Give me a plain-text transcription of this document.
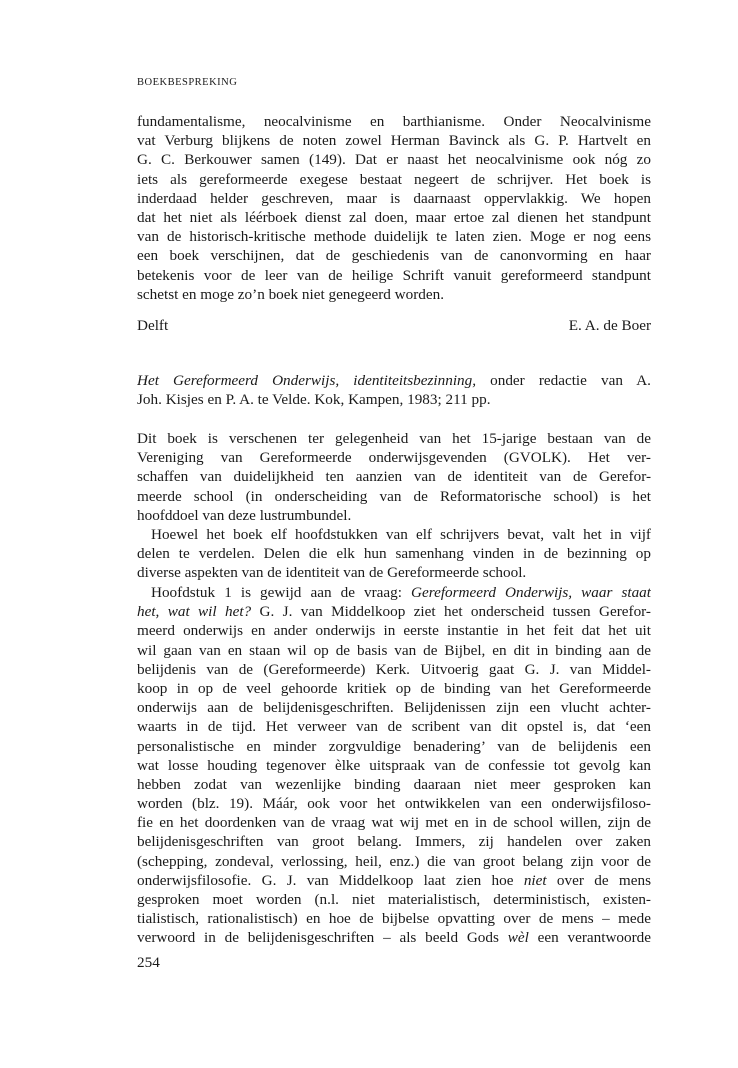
BOEKBESPREKING
fundamentalisme, neocalvinisme en barthianisme. Onder Neocalvinisme
vat Verburg blijkens de noten zowel Herman Bavinck als G. P. Hartvelt en
G. C. Berkouwer samen (149). Dat er naast het neocalvinisme ook nóg zo
iets als gereformeerde exegese bestaat negeert de schrijver. Het boek is
inderdaad helder geschreven, maar is daarnaast oppervlakkig. We hopen
dat het niet als léérboek dienst zal doen, maar ertoe zal dienen het standpunt
van de historisch-kritische methode duidelijk te laten zien. Moge er nog eens
een boek verschijnen, dat de geschiedenis van de canonvorming en haar
betekenis voor de leer van de heilige Schrift vanuit gereformeerd standpunt
schetst en moge zo’n boek niet genegeerd worden.
Delft	E. A. de Boer
Het Gereformeerd Onderwijs, identiteitsbezinning, onder redactie van A.
Joh. Kisjes en P. A. te Velde. Kok, Kampen, 1983; 211 pp.
Dit boek is verschenen ter gelegenheid van het 15-jarige bestaan van de
Vereniging van Gereformeerde onderwijsgevenden (GVOLK). Het ver-
schaffen van duidelijkheid ten aanzien van de identiteit van de Gerefor-
meerde school (in onderscheiding van de Reformatorische school) is het
hoofddoel van deze lustrumbundel.
Hoewel het boek elf hoofdstukken van elf schrijvers bevat, valt het in vijf
delen te verdelen. Delen die elk hun samenhang vinden in de bezinning op
diverse aspekten van de identiteit van de Gereformeerde school.
Hoofdstuk 1 is gewijd aan de vraag: Gereformeerd Onderwijs, waar staat
het, wat wil het? G. J. van Middelkoop ziet het onderscheid tussen Gerefor-
meerd onderwijs en ander onderwijs in eerste instantie in het feit dat het uit
wil gaan van en staan wil op de basis van de Bijbel, en dit in binding aan de
belijdenis van de (Gereformeerde) Kerk. Uitvoerig gaat G. J. van Middel-
koop in op de veel gehoorde kritiek op de binding van het Gereformeerde
onderwijs aan de belijdenisgeschriften. Belijdenissen zijn een vlucht achter-
waarts in de tijd. Het verweer van de scribent van dit opstel is, dat ‘een
personalistische en minder zorgvuldige benadering’ van de belijdenis een
wat losse houding tegenover èlke uitspraak van de confessie tot gevolg kan
hebben zodat van wezenlijke binding daaraan niet meer gesproken kan
worden (blz. 19). Máár, ook voor het ontwikkelen van een onderwijsfiloso-
fie en het doordenken van de vraag wat wij met en in de school willen, zijn de
belijdenisgeschriften van groot belang. Immers, zij handelen over zaken
(schepping, zondeval, verlossing, heil, enz.) die van groot belang zijn voor de
onderwijsfilosofie. G. J. van Middelkoop laat zien hoe niet over de mens
gesproken moet worden (n.l. niet materialistisch, deterministisch, existen-
tialistisch, rationalistisch) en hoe de bijbelse opvatting over de mens – mede
verwoord in de belijdenisgeschriften – als beeld Gods wèl een verantwoorde
254
